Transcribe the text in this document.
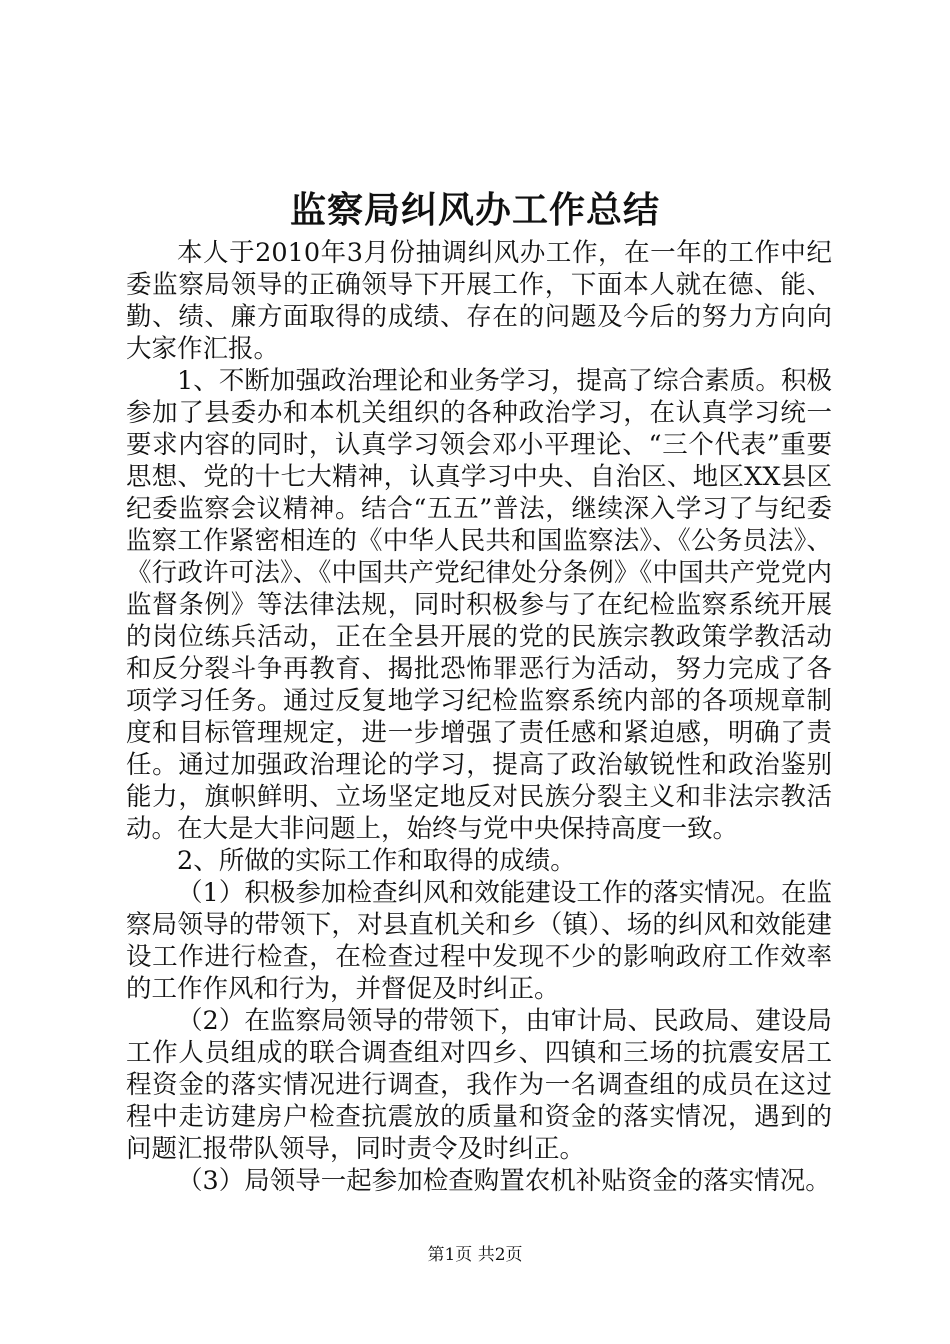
监察局纠风办工作总结

本人于2010年3月份抽调纠风办工作，在一年的工作中纪委监察局领导的正确领导下开展工作，下面本人就在德、能、勤、绩、廉方面取得的成绩、存在的问题及今后的努力方向向大家作汇报。

1、不断加强政治理论和业务学习，提高了综合素质。积极参加了县委办和本机关组织的各种政治学习，在认真学习统一要求内容的同时，认真学习领会邓小平理论、“三个代表”重要思想、党的十七大精神，认真学习中央、自治区、地区XX县区纪委监察会议精神。结合“五五”普法，继续深入学习了与纪委监察工作紧密相连的《中华人民共和国监察法》、《公务员法》、《行政许可法》、《中国共产党纪律处分条例》《中国共产党党内监督条例》等法律法规，同时积极参与了在纪检监察系统开展的岗位练兵活动，正在全县开展的党的民族宗教政策学教活动和反分裂斗争再教育、揭批恐怖罪恶行为活动，努力完成了各项学习任务。通过反复地学习纪检监察系统内部的各项规章制度和目标管理规定，进一步增强了责任感和紧迫感，明确了责任。通过加强政治理论的学习，提高了政治敏锐性和政治鉴别能力，旗帜鲜明、立场坚定地反对民族分裂主义和非法宗教活动。在大是大非问题上，始终与党中央保持高度一致。

2、所做的实际工作和取得的成绩。

（1）积极参加检查纠风和效能建设工作的落实情况。在监察局领导的带领下，对县直机关和乡（镇）、场的纠风和效能建设工作进行检查，在检查过程中发现不少的影响政府工作效率的工作作风和行为，并督促及时纠正。

（2）在监察局领导的带领下，由审计局、民政局、建设局工作人员组成的联合调查组对四乡、四镇和三场的抗震安居工程资金的落实情况进行调查，我作为一名调查组的成员在这过程中走访建房户检查抗震放的质量和资金的落实情况，遇到的问题汇报带队领导，同时责令及时纠正。

（3）局领导一起参加检查购置农机补贴资金的落实情况。

第1页 共2页
